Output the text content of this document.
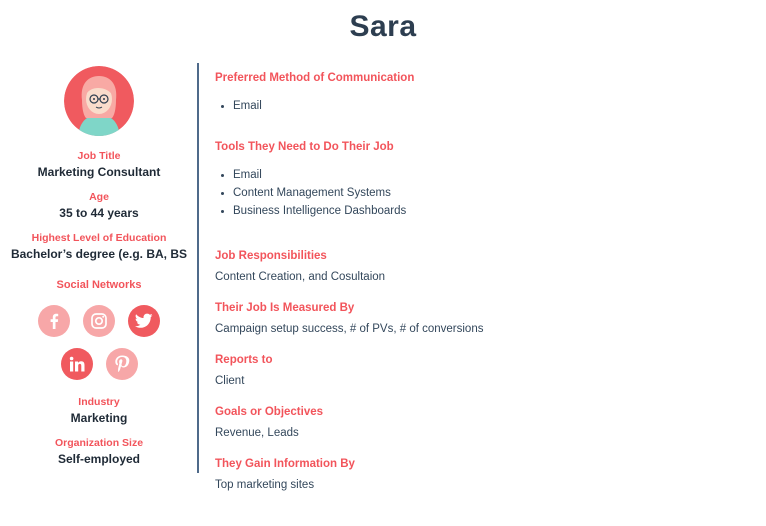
Sara
Job Title
Marketing Consultant
Age
35 to 44 years
Highest Level of Education
Bachelor’s degree (e.g. BA, BS
Social Networks
Industry
Marketing
Organization Size
Self-employed
Preferred Method of Communication
• Email
Tools They Need to Do Their Job
• Email
• Content Management Systems
• Business Intelligence Dashboards
Job Responsibilities
Content Creation, and Cosultaion
Their Job Is Measured By
Campaign setup success, # of PVs, # of conversions
Reports to
Client
Goals or Objectives
Revenue, Leads
They Gain Information By
Top marketing sites
